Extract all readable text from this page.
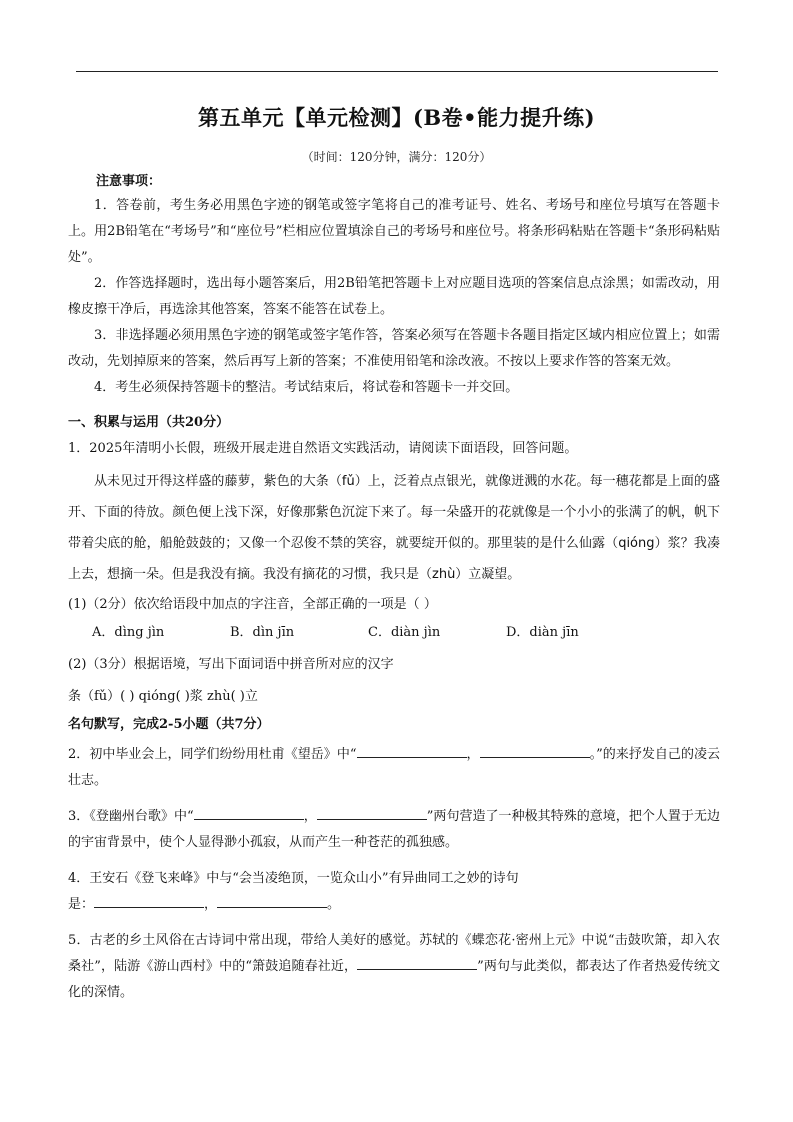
第五单元【单元检测】(B卷•能力提升练)
（时间：120分钟，满分：120分）
注意事项：

1．答卷前，考生务必用黑色字迹的钢笔或签字笔将自己的准考证号、姓名、考场号和座位号填写在答题卡上。用2B铅笔在“考场号”和“座位号”栏相应位置填涂自己的考场号和座位号。将条形码粘贴在答题卡“条形码粘贴处”。

2．作答选择题时，选出每小题答案后，用2B铅笔把答题卡上对应题目选项的答案信息点涂黑；如需改动，用橡皮擦干净后，再选涂其他答案，答案不能答在试卷上。

3．非选择题必须用黑色字迹的钢笔或签字笔作答，答案必须写在答题卡各题目指定区域内相应位置上；如需改动，先划掉原来的答案，然后再写上新的答案；不准使用铅笔和涂改液。不按以上要求作答的答案无效。

4．考生必须保持答题卡的整洁。考试结束后，将试卷和答题卡一并交回。

一、积累与运用（共20分）

1．2025年清明小长假，班级开展走进自然语文实践活动，请阅读下面语段，回答问题。

从未见过开得这样盛的藤萝，紫色的大条（fǔ）上，泛着点点银光，就像迸溅的水花。每一穗花都是上面的盛开、下面的待放。颜色便上浅下深，好像那紫色沉淀下来了。每一朵盛开的花就像是一个小小的张满了的帆，帆下带着尖底的舱，船舱鼓鼓的；又像一个忍俊不禁的笑容，就要绽开似的。那里装的是什么仙露（qióng）浆？我凑上去，想摘一朵。但是我没有摘。我没有摘花的习惯，我只是（zhù）立凝望。

(1)（2分）依次给语段中加点的字注音，全部正确的一项是（ ）

A．dìng jìn	B．dìn jīn	C．diàn jìn	D．diàn jīn

(2)（3分）根据语境，写出下面词语中拼音所对应的汉字

条（fǔ）( ) qióng( )浆 zhù( )立

名句默写，完成2-5小题（共7分）

2．初中毕业会上，同学们纷纷用杜甫《望岳》中“	，	。”的来抒发自己的凌云壮志。

3．《登幽州台歌》中“	，	”两句营造了一种极其特殊的意境，把个人置于无边的宇宙背景中，使个人显得渺小孤寂，从而产生一种苍茫的孤独感。

4．王安石《登飞来峰》中与“会当凌绝顶，一览众山小”有异曲同工之妙的诗句
是：	，	。

5．古老的乡土风俗在古诗词中常出现，带给人美好的感觉。苏轼的《蝶恋花·密州上元》中说“击鼓吹箫，却入农桑社”，陆游《游山西村》中的“箫鼓追随春社近，	”两句与此类似，都表达了作者热爱传统文化的深情。
